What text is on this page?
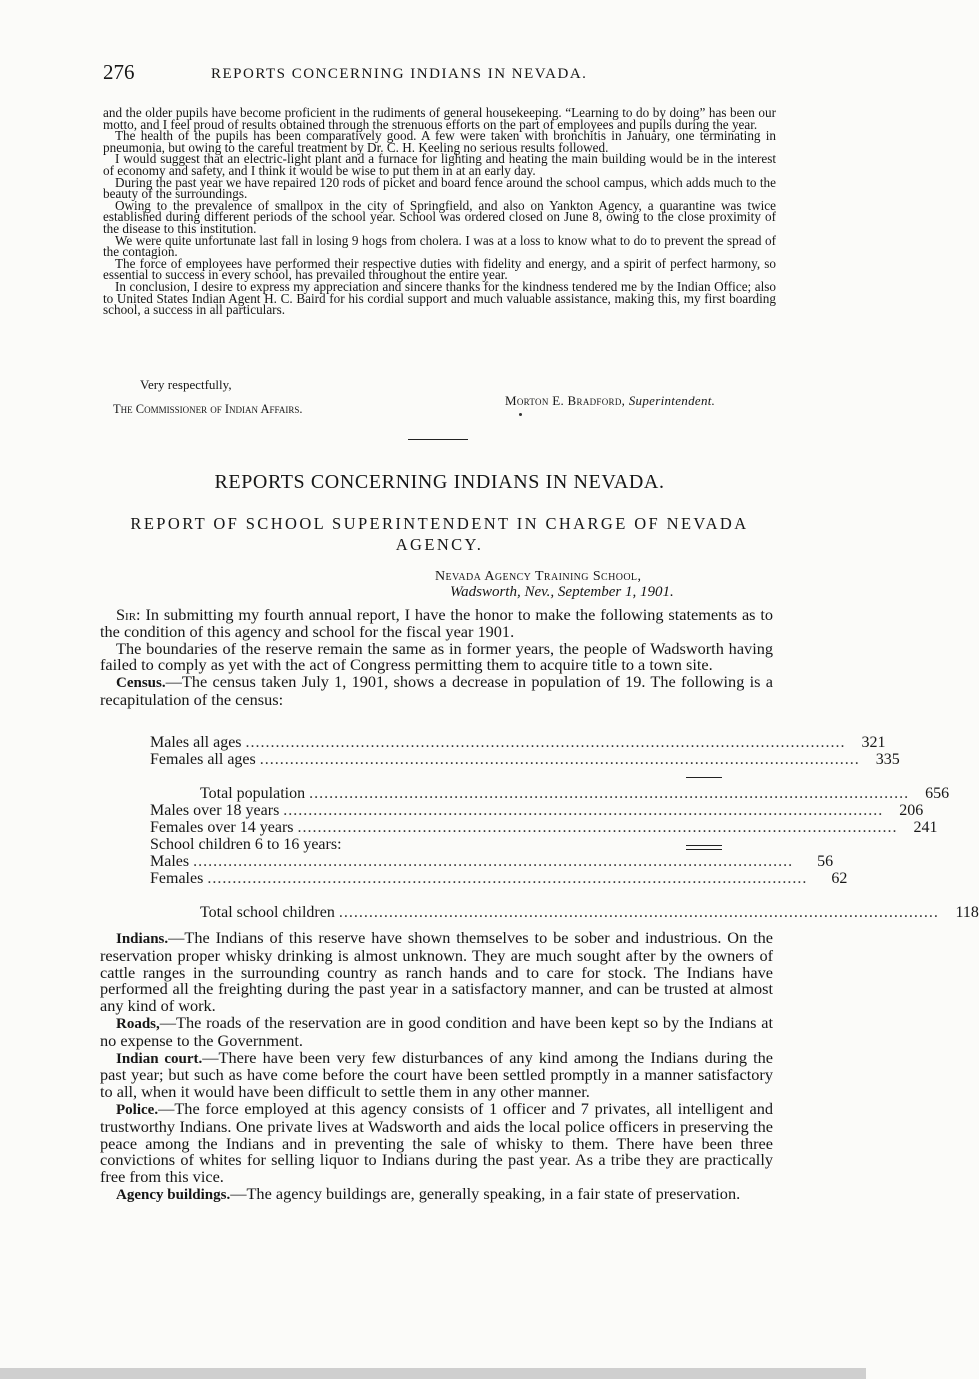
276	REPORTS CONCERNING INDIANS IN NEVADA.

and the older pupils have become proficient in the rudiments of general housekeeping. “Learning to do by doing” has been our motto, and I feel proud of results obtained through the strenuous efforts on the part of employees and pupils during the year.

The health of the pupils has been comparatively good. A few were taken with bronchitis in January, one terminating in pneumonia, but owing to the careful treatment by Dr. C. H. Keeling no serious results followed.

I would suggest that an electric-light plant and a furnace for lighting and heating the main building would be in the interest of economy and safety, and I think it would be wise to put them in at an early day.

During the past year we have repaired 120 rods of picket and board fence around the school campus, which adds much to the beauty of the surroundings.

Owing to the prevalence of smallpox in the city of Springfield, and also on Yankton Agency, a quarantine was twice established during different periods of the school year. School was ordered closed on June 8, owing to the close proximity of the disease to this institution.

We were quite unfortunate last fall in losing 9 hogs from cholera. I was at a loss to know what to do to prevent the spread of the contagion.

The force of employees have performed their respective duties with fidelity and energy, and a spirit of perfect harmony, so essential to success in every school, has prevailed throughout the entire year.

In conclusion, I desire to express my appreciation and sincere thanks for the kindness tendered me by the Indian Office; also to United States Indian Agent H. C. Baird for his cordial support and much valuable assistance, making this, my first boarding school, a success in all particulars.

Very respectfully,
Morton E. Bradford, Superintendent.
The Commissioner of Indian Affairs.
REPORTS CONCERNING INDIANS IN NEVADA.
REPORT OF SCHOOL SUPERINTENDENT IN CHARGE OF NEVADA AGENCY.
Nevada Agency Training School,
Wadsworth, Nev., September 1, 1901.

Sir: In submitting my fourth annual report, I have the honor to make the following statements as to the condition of this agency and school for the fiscal year 1901.

The boundaries of the reserve remain the same as in former years, the people of Wadsworth having failed to comply as yet with the act of Congress permitting them to acquire title to a town site.

Census.—The census taken July 1, 1901, shows a decrease in population of 19. The following is a recapitulation of the census:

Males all ages ........................................................................................................................	321
Females all ages ........................................................................................................................	335
Total population ........................................................................................................................	656
Males over 18 years ........................................................................................................................	206
Females over 14 years ........................................................................................................................	241
School children 6 to 16 years:
Males ........................................................................................................................	56
Females ........................................................................................................................	62
Total school children ........................................................................................................................	118

Indians.—The Indians of this reserve have shown themselves to be sober and industrious. On the reservation proper whisky drinking is almost unknown. They are much sought after by the owners of cattle ranges in the surrounding country as ranch hands and to care for stock. The Indians have performed all the freighting during the past year in a satisfactory manner, and can be trusted at almost any kind of work.

Roads,—The roads of the reservation are in good condition and have been kept so by the Indians at no expense to the Government.

Indian court.—There have been very few disturbances of any kind among the Indians during the past year; but such as have come before the court have been settled promptly in a manner satisfactory to all, when it would have been difficult to settle them in any other manner.

Police.—The force employed at this agency consists of 1 officer and 7 privates, all intelligent and trustworthy Indians. One private lives at Wadsworth and aids the local police officers in preserving the peace among the Indians and in preventing the sale of whisky to them. There have been three convictions of whites for selling liquor to Indians during the past year. As a tribe they are practically free from this vice.

Agency buildings.—The agency buildings are, generally speaking, in a fair state of preservation.
